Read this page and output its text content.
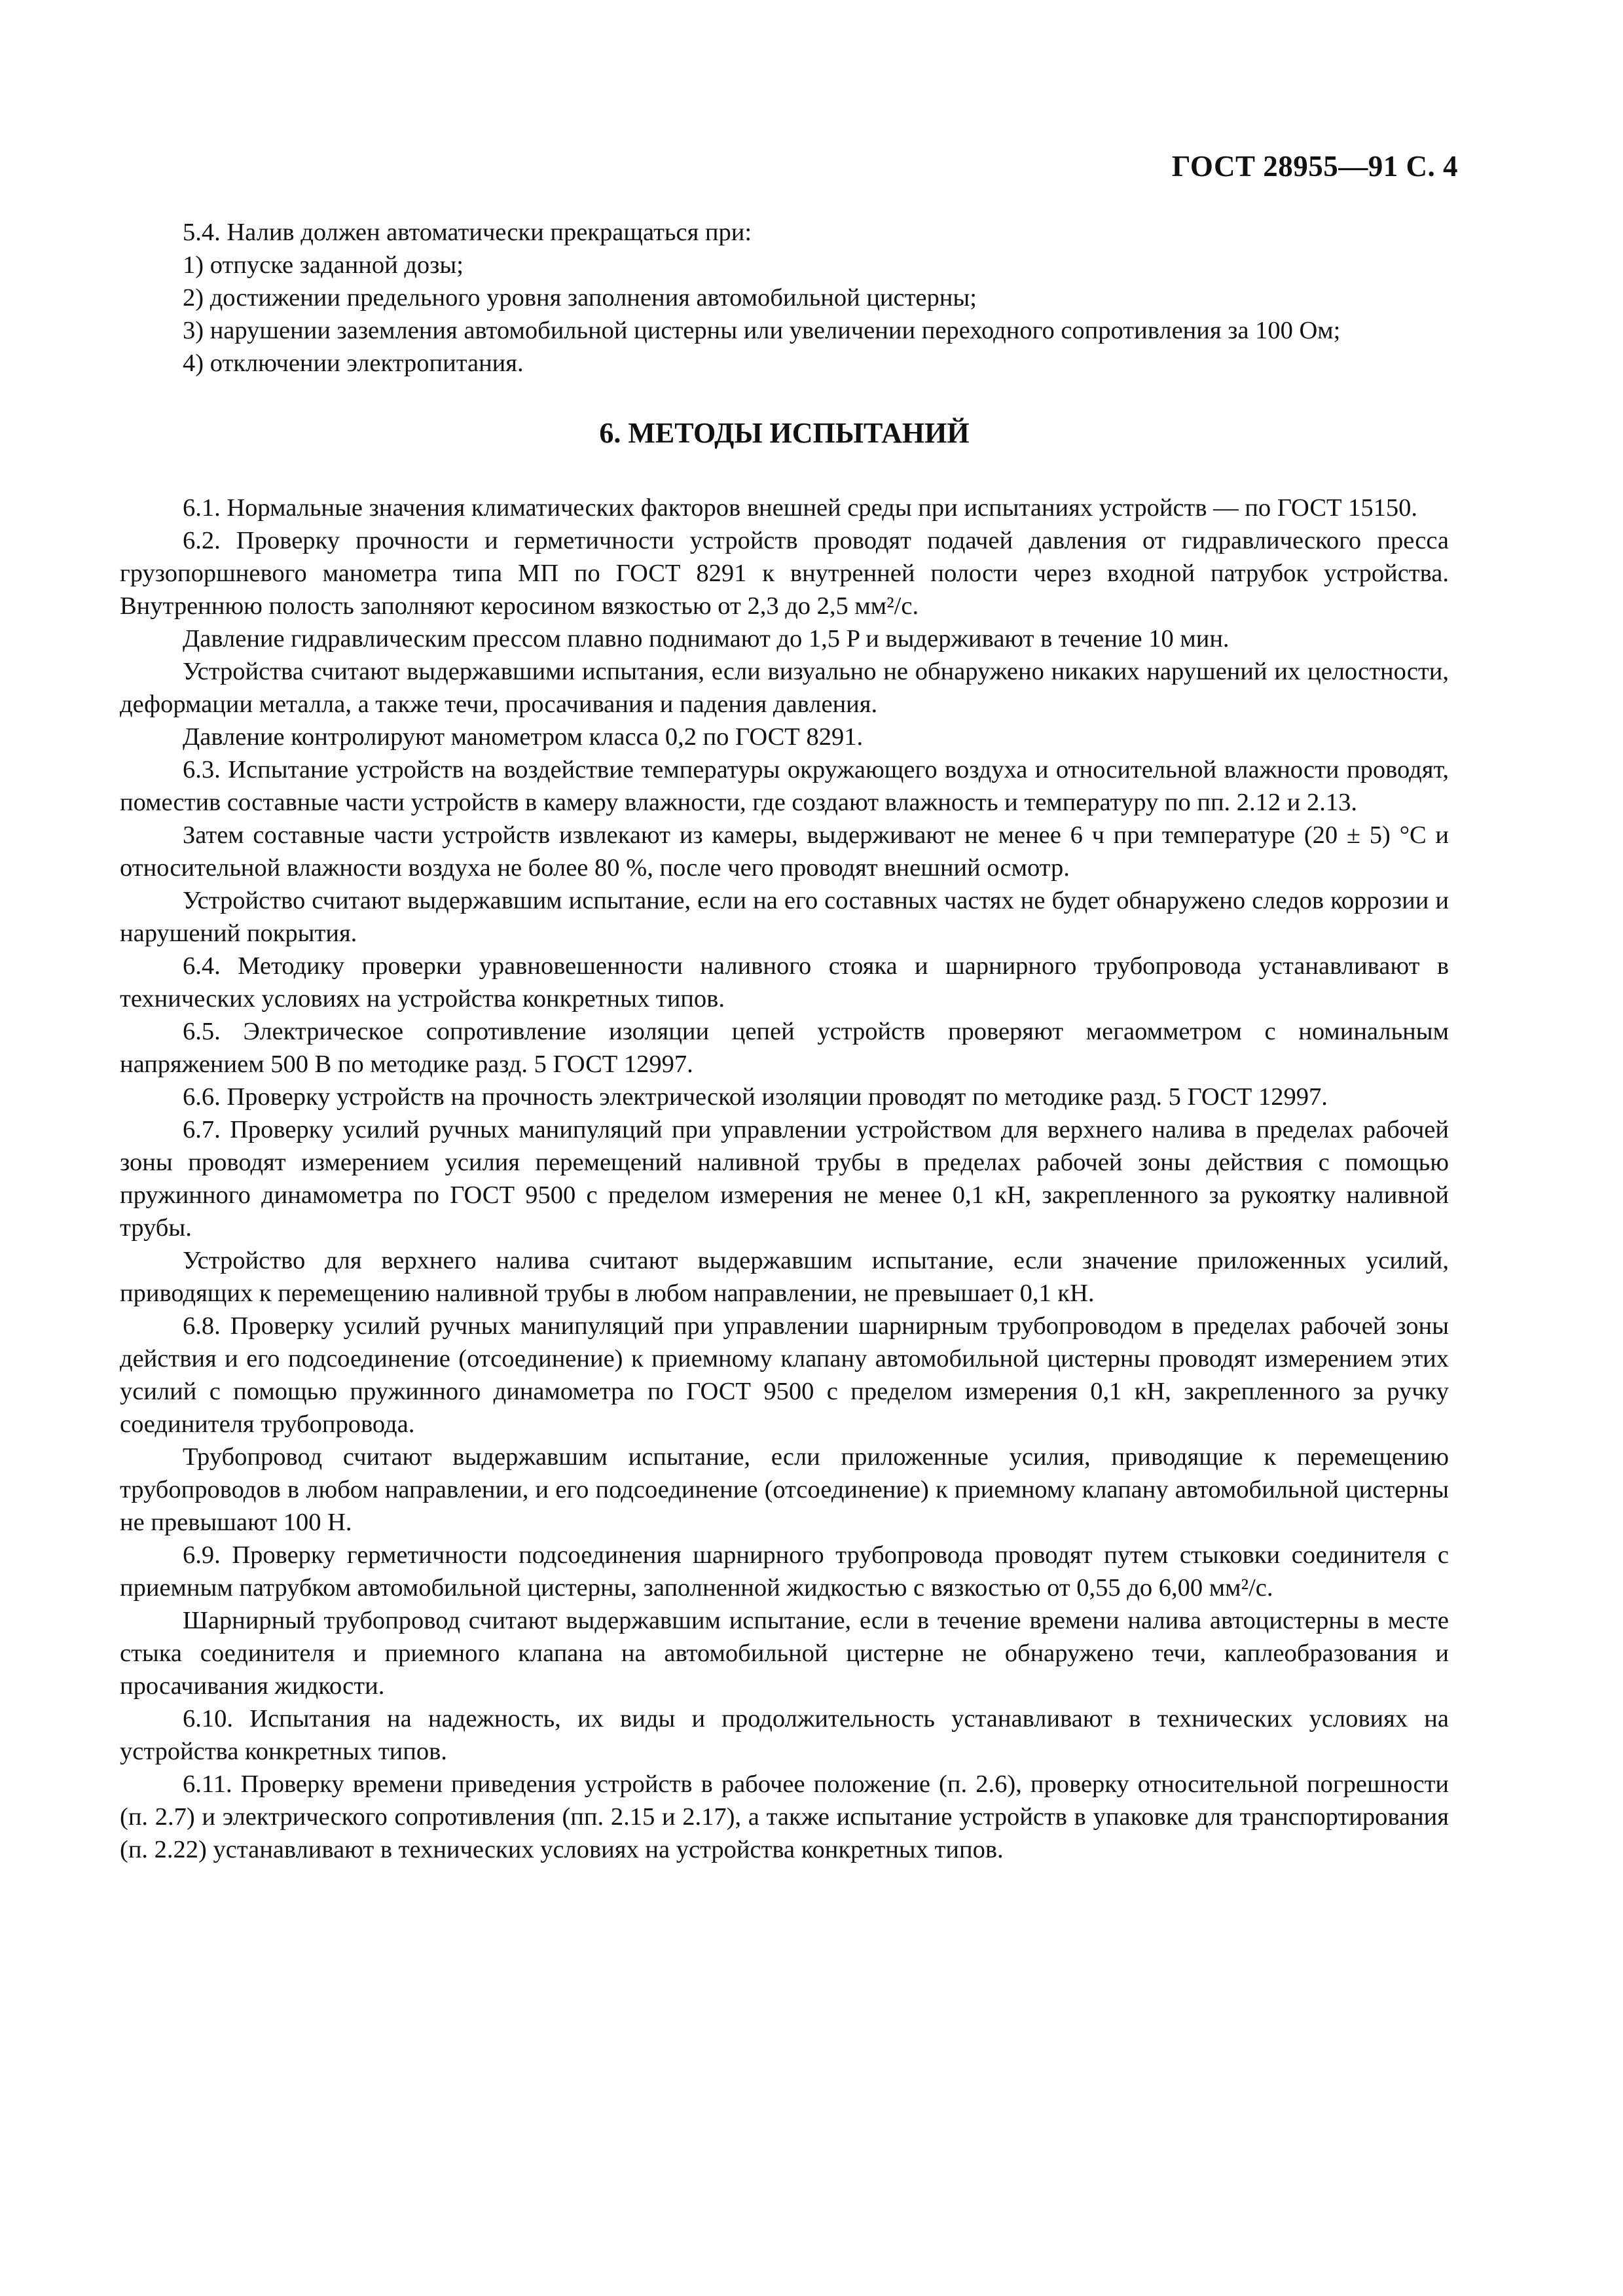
ГОСТ 28955—91 С. 4

5.4. Налив должен автоматически прекращаться при:

1) отпуске заданной дозы;

2) достижении предельного уровня заполнения автомобильной цистерны;

3) нарушении заземления автомобильной цистерны или увеличении переходного сопротивления за 100 Ом;

4) отключении электропитания.

6. МЕТОДЫ ИСПЫТАНИЙ

6.1. Нормальные значения климатических факторов внешней среды при испытаниях устройств — по ГОСТ 15150.

6.2. Проверку прочности и герметичности устройств проводят подачей давления от гидравлического пресса грузопоршневого манометра типа МП по ГОСТ 8291 к внутренней полости через входной патрубок устройства. Внутреннюю полость заполняют керосином вязкостью от 2,3 до 2,5 мм²/с.

Давление гидравлическим прессом плавно поднимают до 1,5 P и выдерживают в течение 10 мин.

Устройства считают выдержавшими испытания, если визуально не обнаружено никаких нарушений их целостности, деформации металла, а также течи, просачивания и падения давления.

Давление контролируют манометром класса 0,2 по ГОСТ 8291.

6.3. Испытание устройств на воздействие температуры окружающего воздуха и относительной влажности проводят, поместив составные части устройств в камеру влажности, где создают влажность и температуру по пп. 2.12 и 2.13.

Затем составные части устройств извлекают из камеры, выдерживают не менее 6 ч при температуре (20 ± 5) °C и относительной влажности воздуха не более 80 %, после чего проводят внешний осмотр.

Устройство считают выдержавшим испытание, если на его составных частях не будет обнаружено следов коррозии и нарушений покрытия.

6.4. Методику проверки уравновешенности наливного стояка и шарнирного трубопровода устанавливают в технических условиях на устройства конкретных типов.

6.5. Электрическое сопротивление изоляции цепей устройств проверяют мегаомметром с номинальным напряжением 500 В по методике разд. 5 ГОСТ 12997.

6.6. Проверку устройств на прочность электрической изоляции проводят по методике разд. 5 ГОСТ 12997.

6.7. Проверку усилий ручных манипуляций при управлении устройством для верхнего налива в пределах рабочей зоны проводят измерением усилия перемещений наливной трубы в пределах рабочей зоны действия с помощью пружинного динамометра по ГОСТ 9500 с пределом измерения не менее 0,1 кН, закрепленного за рукоятку наливной трубы.

Устройство для верхнего налива считают выдержавшим испытание, если значение приложенных усилий, приводящих к перемещению наливной трубы в любом направлении, не превышает 0,1 кН.

6.8. Проверку усилий ручных манипуляций при управлении шарнирным трубопроводом в пределах рабочей зоны действия и его подсоединение (отсоединение) к приемному клапану автомобильной цистерны проводят измерением этих усилий с помощью пружинного динамометра по ГОСТ 9500 с пределом измерения 0,1 кН, закрепленного за ручку соединителя трубопровода.

Трубопровод считают выдержавшим испытание, если приложенные усилия, приводящие к перемещению трубопроводов в любом направлении, и его подсоединение (отсоединение) к приемному клапану автомобильной цистерны не превышают 100 Н.

6.9. Проверку герметичности подсоединения шарнирного трубопровода проводят путем стыковки соединителя с приемным патрубком автомобильной цистерны, заполненной жидкостью с вязкостью от 0,55 до 6,00 мм²/с.

Шарнирный трубопровод считают выдержавшим испытание, если в течение времени налива автоцистерны в месте стыка соединителя и приемного клапана на автомобильной цистерне не обнаружено течи, каплеобразования и просачивания жидкости.

6.10. Испытания на надежность, их виды и продолжительность устанавливают в технических условиях на устройства конкретных типов.

6.11. Проверку времени приведения устройств в рабочее положение (п. 2.6), проверку относительной погрешности (п. 2.7) и электрического сопротивления (пп. 2.15 и 2.17), а также испытание устройств в упаковке для транспортирования (п. 2.22) устанавливают в технических условиях на устройства конкретных типов.
